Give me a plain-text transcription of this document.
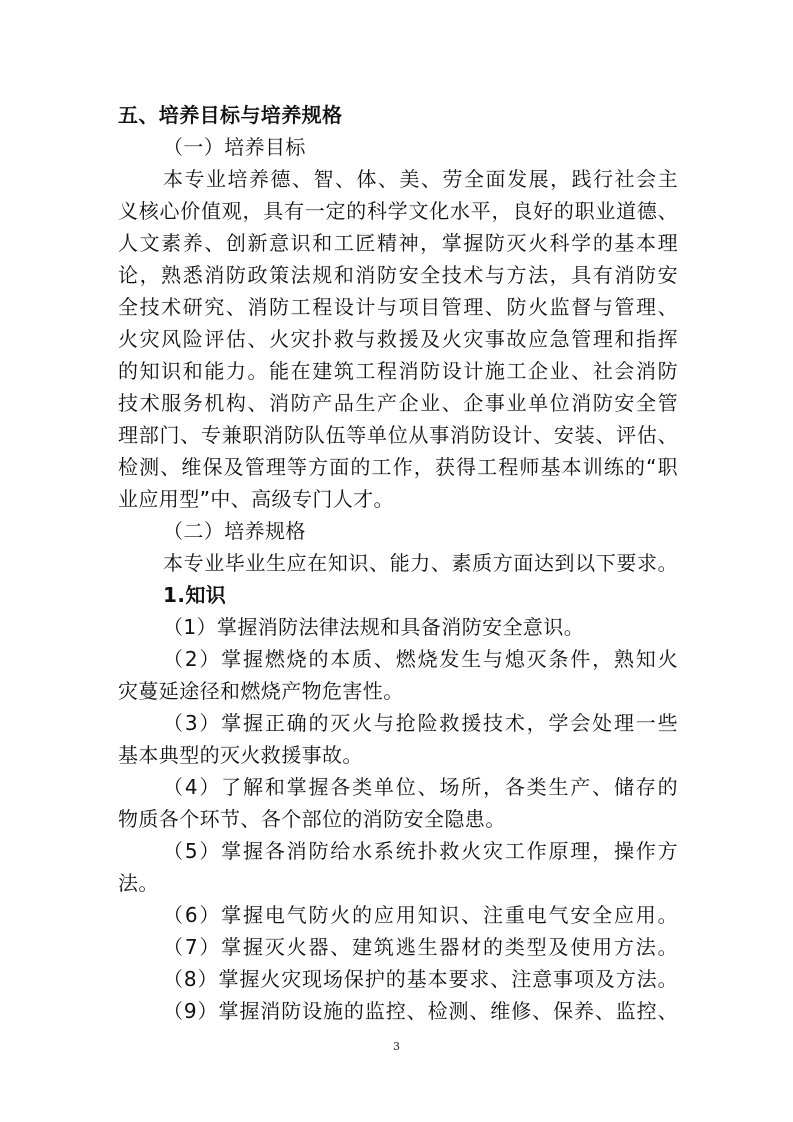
五、培养目标与培养规格
（一）培养目标
本专业培养德、智、体、美、劳全面发展，践行社会主
义核心价值观，具有一定的科学文化水平，良好的职业道德、
人文素养、创新意识和工匠精神，掌握防灭火科学的基本理
论，熟悉消防政策法规和消防安全技术与方法，具有消防安
全技术研究、消防工程设计与项目管理、防火监督与管理、
火灾风险评估、火灾扑救与救援及火灾事故应急管理和指挥
的知识和能力。能在建筑工程消防设计施工企业、社会消防
技术服务机构、消防产品生产企业、企事业单位消防安全管
理部门、专兼职消防队伍等单位从事消防设计、安装、评估、
检测、维保及管理等方面的工作，获得工程师基本训练的“职
业应用型”中、高级专门人才。
（二）培养规格
本专业毕业生应在知识、能力、素质方面达到以下要求。
1.知识
（1）掌握消防法律法规和具备消防安全意识。
（2）掌握燃烧的本质、燃烧发生与熄灭条件，熟知火
灾蔓延途径和燃烧产物危害性。
（3）掌握正确的灭火与抢险救援技术，学会处理一些
基本典型的灭火救援事故。
（4）了解和掌握各类单位、场所，各类生产、储存的
物质各个环节、各个部位的消防安全隐患。
（5）掌握各消防给水系统扑救火灾工作原理，操作方
法。
（6）掌握电气防火的应用知识、注重电气安全应用。
（7）掌握灭火器、建筑逃生器材的类型及使用方法。
（8）掌握火灾现场保护的基本要求、注意事项及方法。
（9）掌握消防设施的监控、检测、维修、保养、监控、
3
